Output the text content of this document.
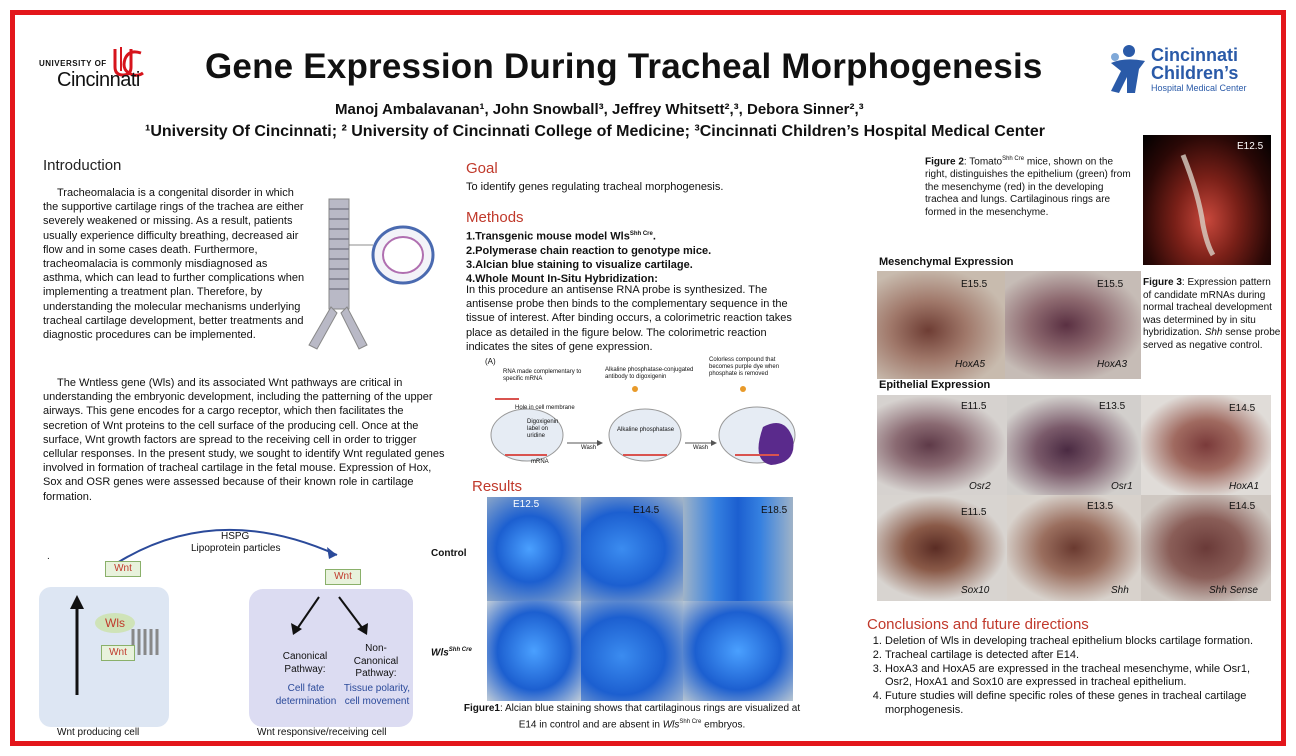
UNIVERSITY OF
Cincinnati Gene Expression During Tracheal Morphogenesis
Manoj Ambalavanan¹, John Snowball³, Jeffrey Whitsett²,³, Debora Sinner²,³
¹University Of Cincinnati; ² University of Cincinnati College of Medicine; ³Cincinnati Children’s Hospital Medical Center
Cincinnati
Children’s
Hospital Medical Center
Introduction
Tracheomalacia is a congenital disorder in which the supportive cartilage rings of the trachea are either severely weakened or missing. As a result, patients usually experience difficulty breathing, decreased air flow and in some cases death. Furthermore, tracheomalacia is commonly misdiagnosed as asthma, which can lead to further complications when implementing a treatment plan. Therefore, by understanding the molecular mechanisms underlying tracheal cartilage development, better treatments and diagnostic procedures can be implemented.
The Wntless gene (Wls) and its associated Wnt pathways are critical in understanding the embryonic development, including the patterning of the upper airways. This gene encodes for a cargo receptor, which then facilitates the secretion of Wnt proteins to the cell surface of the producing cell. Once at the surface, Wnt growth factors are spread to the receiving cell in order to trigger cellular responses. In the present study, we sought to identify Wnt regulated genes involved in formation of tracheal cartilage in the fetal mouse. Expression of Hox, Sox and OSR genes were assessed because of their known role in cartilage formation.
HSPG
Lipoprotein particles
.
Wnt
Wnt
Wls
Wnt	Canonical Pathway:
Cell fate determination
Non-Canonical Pathway:
Tissue polarity, cell movement
Wnt producing cell	Wnt responsive/receiving cell
Goal
To identify genes regulating tracheal morphogenesis.
Methods
1.Transgenic mouse model Wls$^{Shh Cre}$.
2.Polymerase chain reaction to genotype mice.
3.Alcian blue staining to visualize cartilage.
4.Whole Mount In-Situ Hybridization:
In this procedure an antisense RNA probe is synthesized. The antisense probe then binds to the complementary sequence in the tissue of interest. After binding occurs, a colorimetric reaction takes place as detailed in the figure below. The colorimetric reaction indicates the sites of gene expression.
(A)
RNA made complementary to specific mRNA
Hole in cell membrane
Alkaline phosphatase-conjugated antibody to digoxigenin
Colorless compound that becomes purple dye when phosphate is removed
Digoxigenin label on uridine
Alkaline phosphatase
mRNA
Wash	Wash
Results
Control
Wls$^{Shh Cre}$
E12.5
E14.5	E18.5
Figure1: Alcian blue staining shows that cartilaginous rings are visualized at E14 in control and are absent in Wls$^{Shh Cre}$ embryos.
Figure 2: Tomato$^{Shh Cre}$ mice, shown on the right, distinguishes the epithelium (green) from the mesenchyme (red) in the developing trachea and lungs. Cartilaginous rings are formed in the mesenchyme.
E12.5
Mesenchymal Expression
E15.5
HoxA5
E15.5
HoxA3
Figure 3: Expression pattern of candidate mRNAs during normal tracheal development was determined by in situ hybridization. Shh sense probe served as negative control.
Epithelial Expression
E11.5
Osr2
E13.5
Osr1
E14.5
HoxA1
E11.5
Sox10
E13.5
Shh
E14.5
Shh Sense
Conclusions and future directions
1. Deletion of Wls in developing tracheal epithelium blocks cartilage formation.
2. Tracheal cartilage is detected after E14.
3. HoxA3 and HoxA5 are expressed in the tracheal mesenchyme, while Osr1, Osr2, HoxA1 and Sox10 are expressed in tracheal epithelium.
4. Future studies will define specific roles of these genes in tracheal cartilage morphogenesis.
